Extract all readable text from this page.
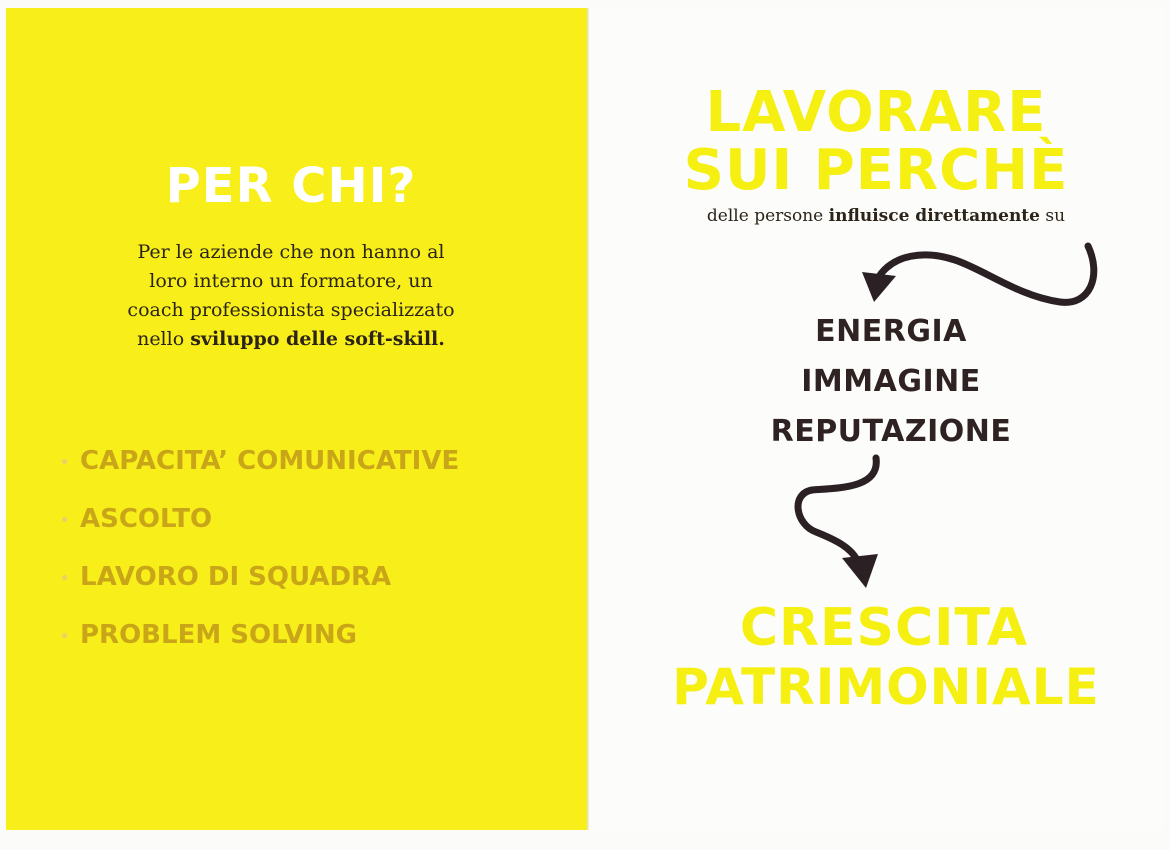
PER CHI?
Per le aziende che non hanno al
loro interno un formatore, un
coach professionista specializzato
nello sviluppo delle soft-skill.
CAPACITA’ COMUNICATIVE
ASCOLTO
LAVORO DI SQUADRA
PROBLEM SOLVING
LAVORARE
SUI PERCHÈ
delle persone influisce direttamente su
ENERGIA
IMMAGINE
REPUTAZIONE
CRESCITA
PATRIMONIALE
